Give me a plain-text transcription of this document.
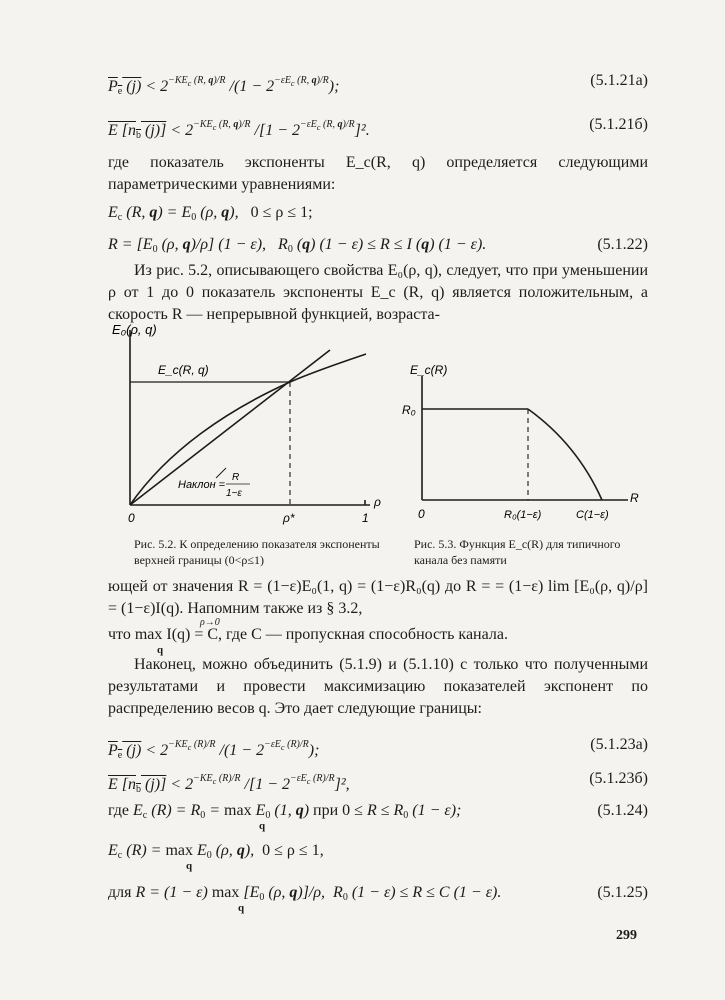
$P_e$ $(j) < 2^{-KE_c (R, q)/R}$ $/(1 - 2^{-\varepsilon E_c (R, q)/R})$;	(5.1.21а)
E [$n_b$ $(j)] < 2^{-KE_c (R, q)/R}$ $/[1 - 2^{-\varepsilon E_c (R, q)/R}]^2$.	(5.1.21б)
где показатель экспоненты E_c(R, q) определяется следующими параметрическими уравнениями:
$E_c$ (R, $q) = E_0$ (ρ, q),   0 ≤ ρ ≤ 1;
$R = [E_0$ (ρ, q)/ρ] (1 − ε),   $R_0$ (q) (1 − ε) ≤ R ≤ I (q) (1 − ε).	(5.1.22)
Из рис. 5.2, описывающего свойства E₀(ρ, q), следует, что при уменьшении ρ от 1 до 0 показатель экспоненты E_c (R, q) является положительным, а скорость R — непрерывной функцией, возраста-
E₀(ρ, q)
E_c(R, q)
Наклон =
R
1−ε
0	ρ*	1
ρ
Рис. 5.2. К определению показателя экспоненты верхней границы (0<ρ≤1)
E_c(R)
R₀
0	R₀(1−ε)	C(1−ε)
R
Рис. 5.3. Функция E_c(R) для типичного канала без памяти
ющей от значения R = (1−ε)E₀(1, q) = (1−ε)R₀(q) до R = = (1−ε) lim [E₀(ρ, q)/ρ] = (1−ε)I(q). Напомним также из § 3.2,
ρ→0
что max I(q) = C, где C — пропускная способность канала.
q
Наконец, можно объединить (5.1.9) и (5.1.10) с только что полученными результатами и провести максимизацию показателей экспонент по распределению весов q. Это дает следующие границы:
$P_e$ $(j) < 2^{-KE_c (R)/R}$ $/(1 - 2^{-\varepsilon E_c (R)/R})$;	(5.1.23а)
E [$n_b$ $(j)] < 2^{-KE_c (R)/R}$ $/[1 - 2^{-\varepsilon E_c (R)/R}]^2$,	(5.1.23б)
где $E_c$ $(R) = R_0 = \max E_0$ (1, q) при $0 \le R \le R_0$ (1 − ε);	(5.1.24)
q
$E_c$ $(R) = \max E_0$ (ρ, q),  0 ≤ ρ ≤ 1,
q
для R = (1 − ε) $\max [E_0$ (ρ, q)]/ρ,  $R_0$ (1 − ε) ≤ R ≤ C (1 − ε).	(5.1.25)
q
299
